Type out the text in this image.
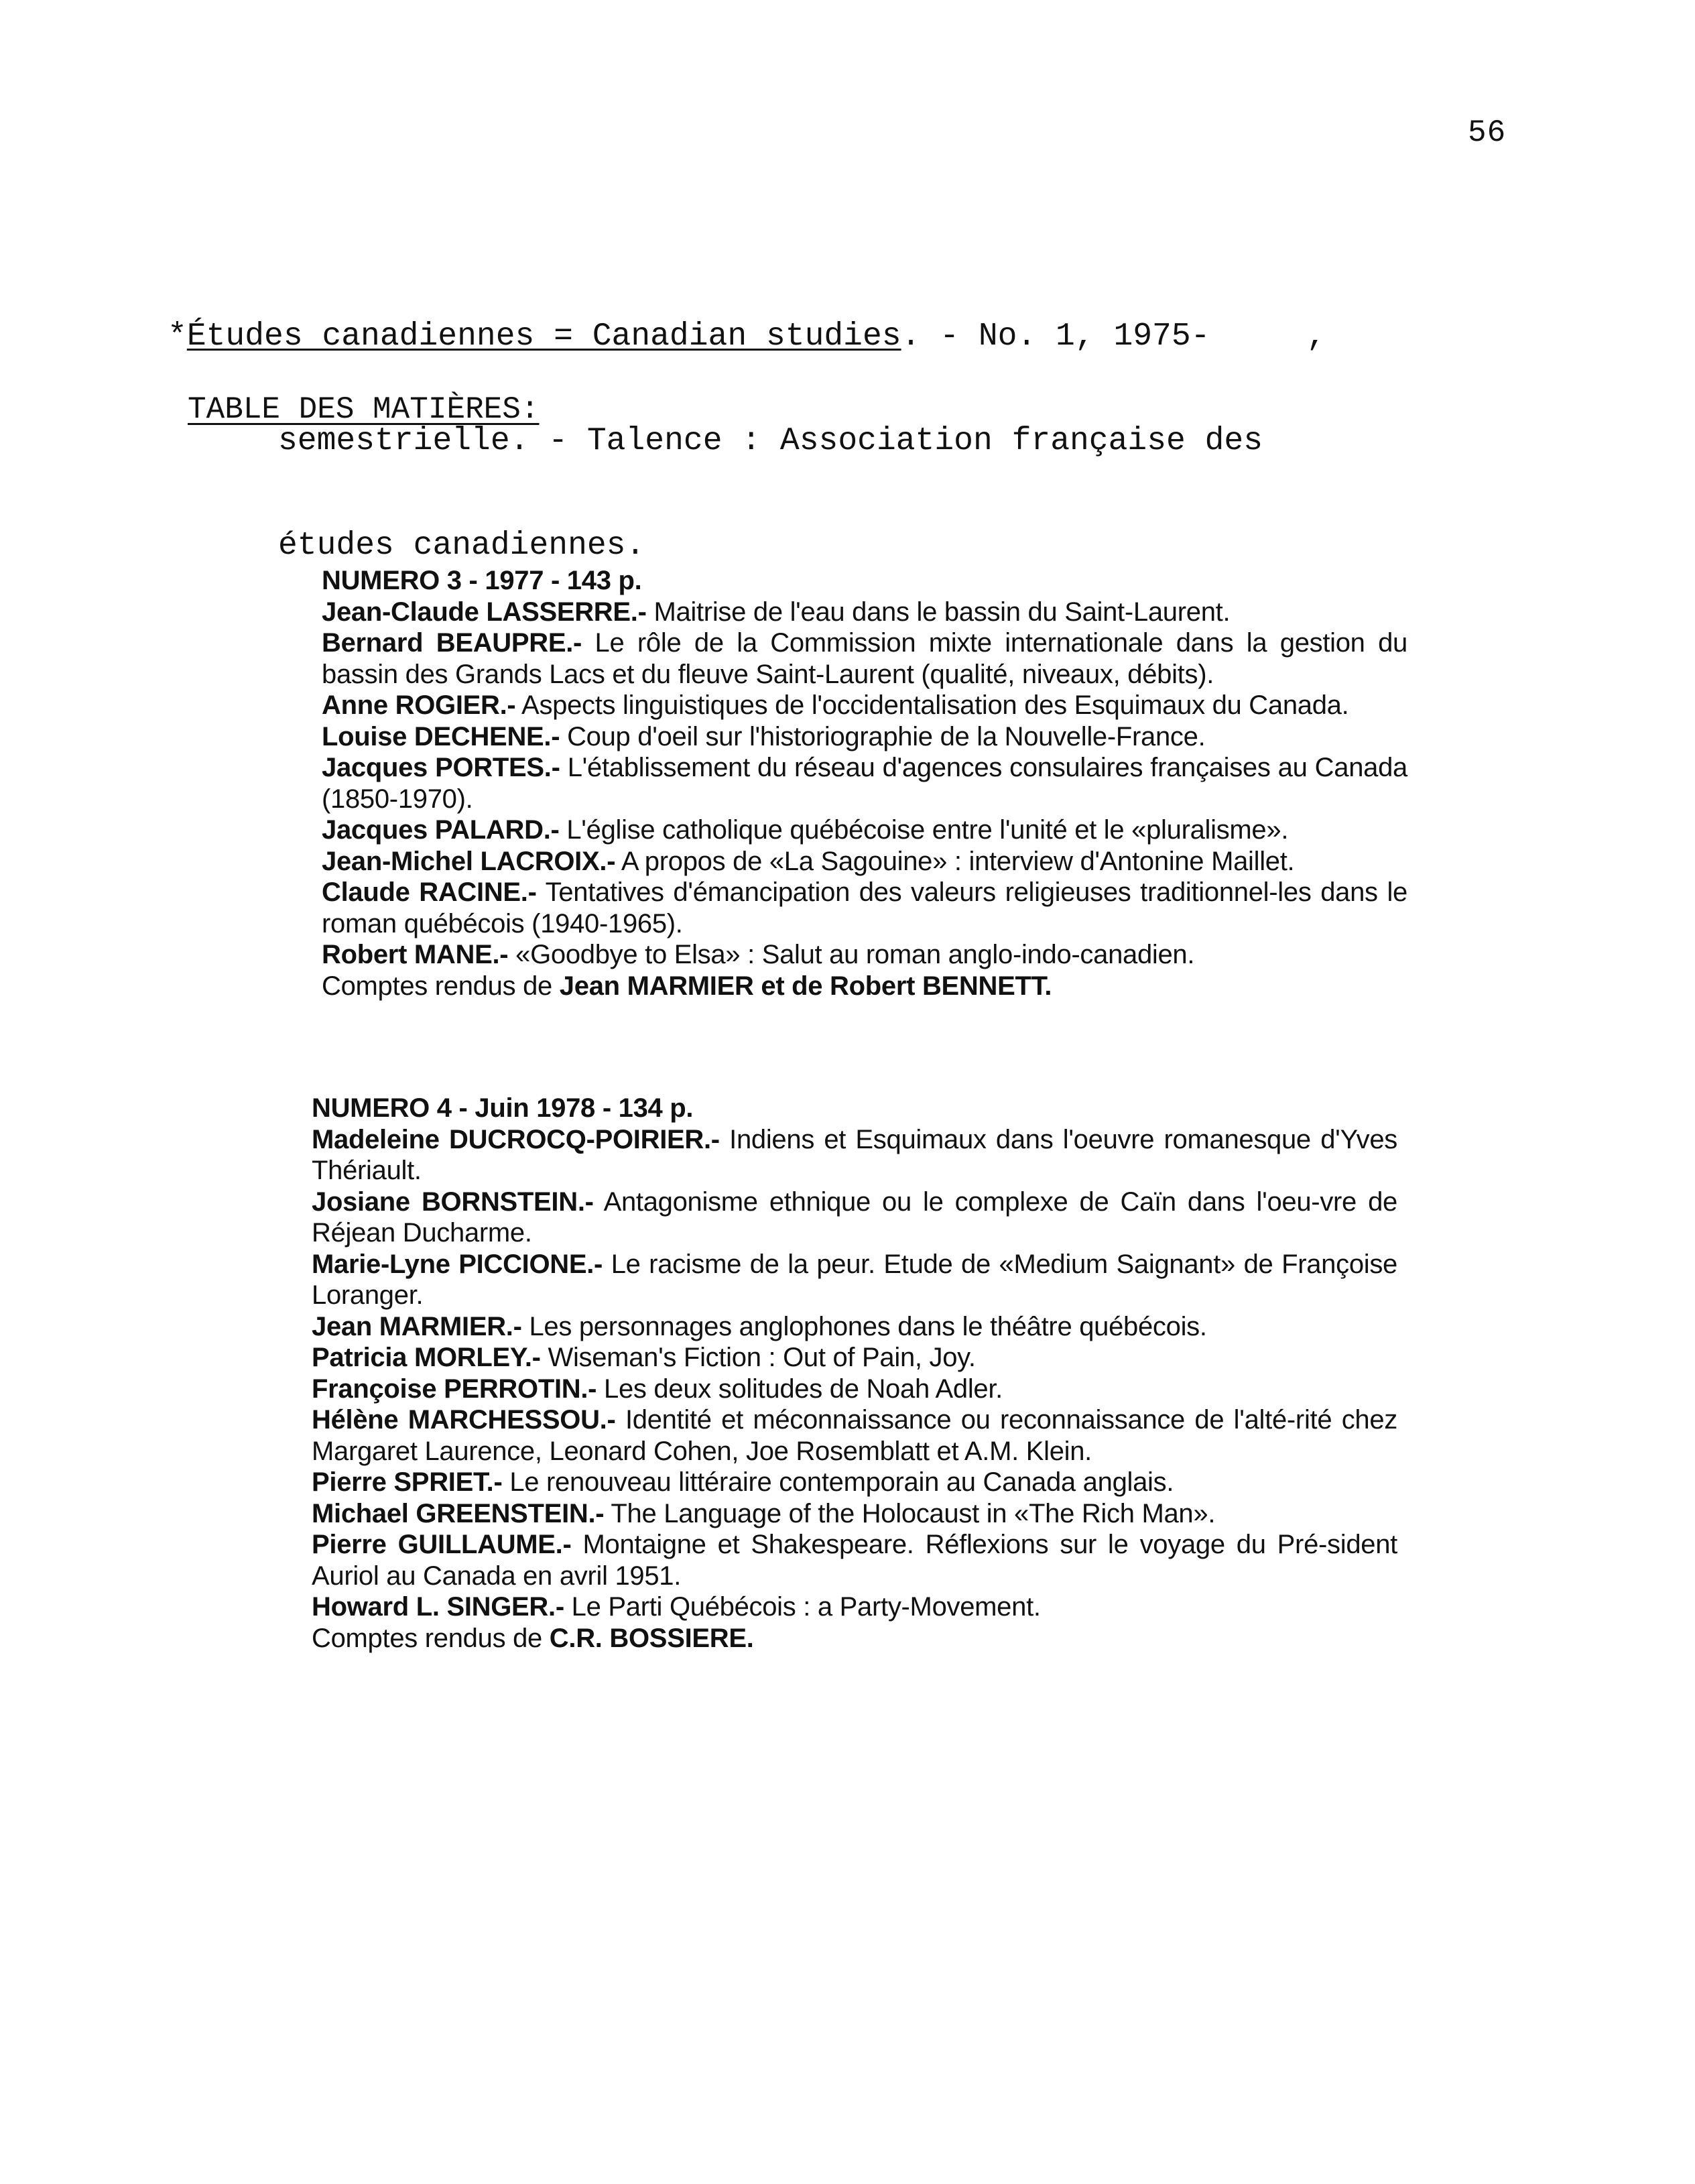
56

*Études canadiennes = Canadian studies. - No. 1, 1975-     ,

semestrielle. - Talence : Association française des

études canadiennes.

TABLE DES MATIÈRES:
NUMERO 3 - 1977 - 143 p.
Jean-Claude LASSERRE.- Maitrise de l'eau dans le bassin du Saint-Laurent.
Bernard BEAUPRE.- Le rôle de la Commission mixte internationale dans la gestion du bassin des Grands Lacs et du fleuve Saint-Laurent (qualité, niveaux, débits).
Anne ROGIER.- Aspects linguistiques de l'occidentalisation des Esquimaux du Canada.
Louise DECHENE.- Coup d'oeil sur l'historiographie de la Nouvelle-France.
Jacques PORTES.- L'établissement du réseau d'agences consulaires françaises au Canada (1850-1970).
Jacques PALARD.- L'église catholique québécoise entre l'unité et le «pluralisme».
Jean-Michel LACROIX.- A propos de «La Sagouine» : interview d'Antonine Maillet.
Claude RACINE.- Tentatives d'émancipation des valeurs religieuses traditionnel-les dans le roman québécois (1940-1965).
Robert MANE.- «Goodbye to Elsa» : Salut au roman anglo-indo-canadien.
Comptes rendus de Jean MARMIER et de Robert BENNETT.
NUMERO 4 - Juin 1978 - 134 p.
Madeleine DUCROCQ-POIRIER.- Indiens et Esquimaux dans l'oeuvre romanesque d'Yves Thériault.
Josiane BORNSTEIN.- Antagonisme ethnique ou le complexe de Caïn dans l'oeu-vre de Réjean Ducharme.
Marie-Lyne PICCIONE.- Le racisme de la peur. Etude de «Medium Saignant» de Françoise Loranger.
Jean MARMIER.- Les personnages anglophones dans le théâtre québécois.
Patricia MORLEY.- Wiseman's Fiction : Out of Pain, Joy.
Françoise PERROTIN.- Les deux solitudes de Noah Adler.
Hélène MARCHESSOU.- Identité et méconnaissance ou reconnaissance de l'alté-rité chez Margaret Laurence, Leonard Cohen, Joe Rosemblatt et A.M. Klein.
Pierre SPRIET.- Le renouveau littéraire contemporain au Canada anglais.
Michael GREENSTEIN.- The Language of the Holocaust in «The Rich Man».
Pierre GUILLAUME.- Montaigne et Shakespeare. Réflexions sur le voyage du Pré-sident Auriol au Canada en avril 1951.
Howard L. SINGER.- Le Parti Québécois : a Party-Movement.
Comptes rendus de C.R. BOSSIERE.
